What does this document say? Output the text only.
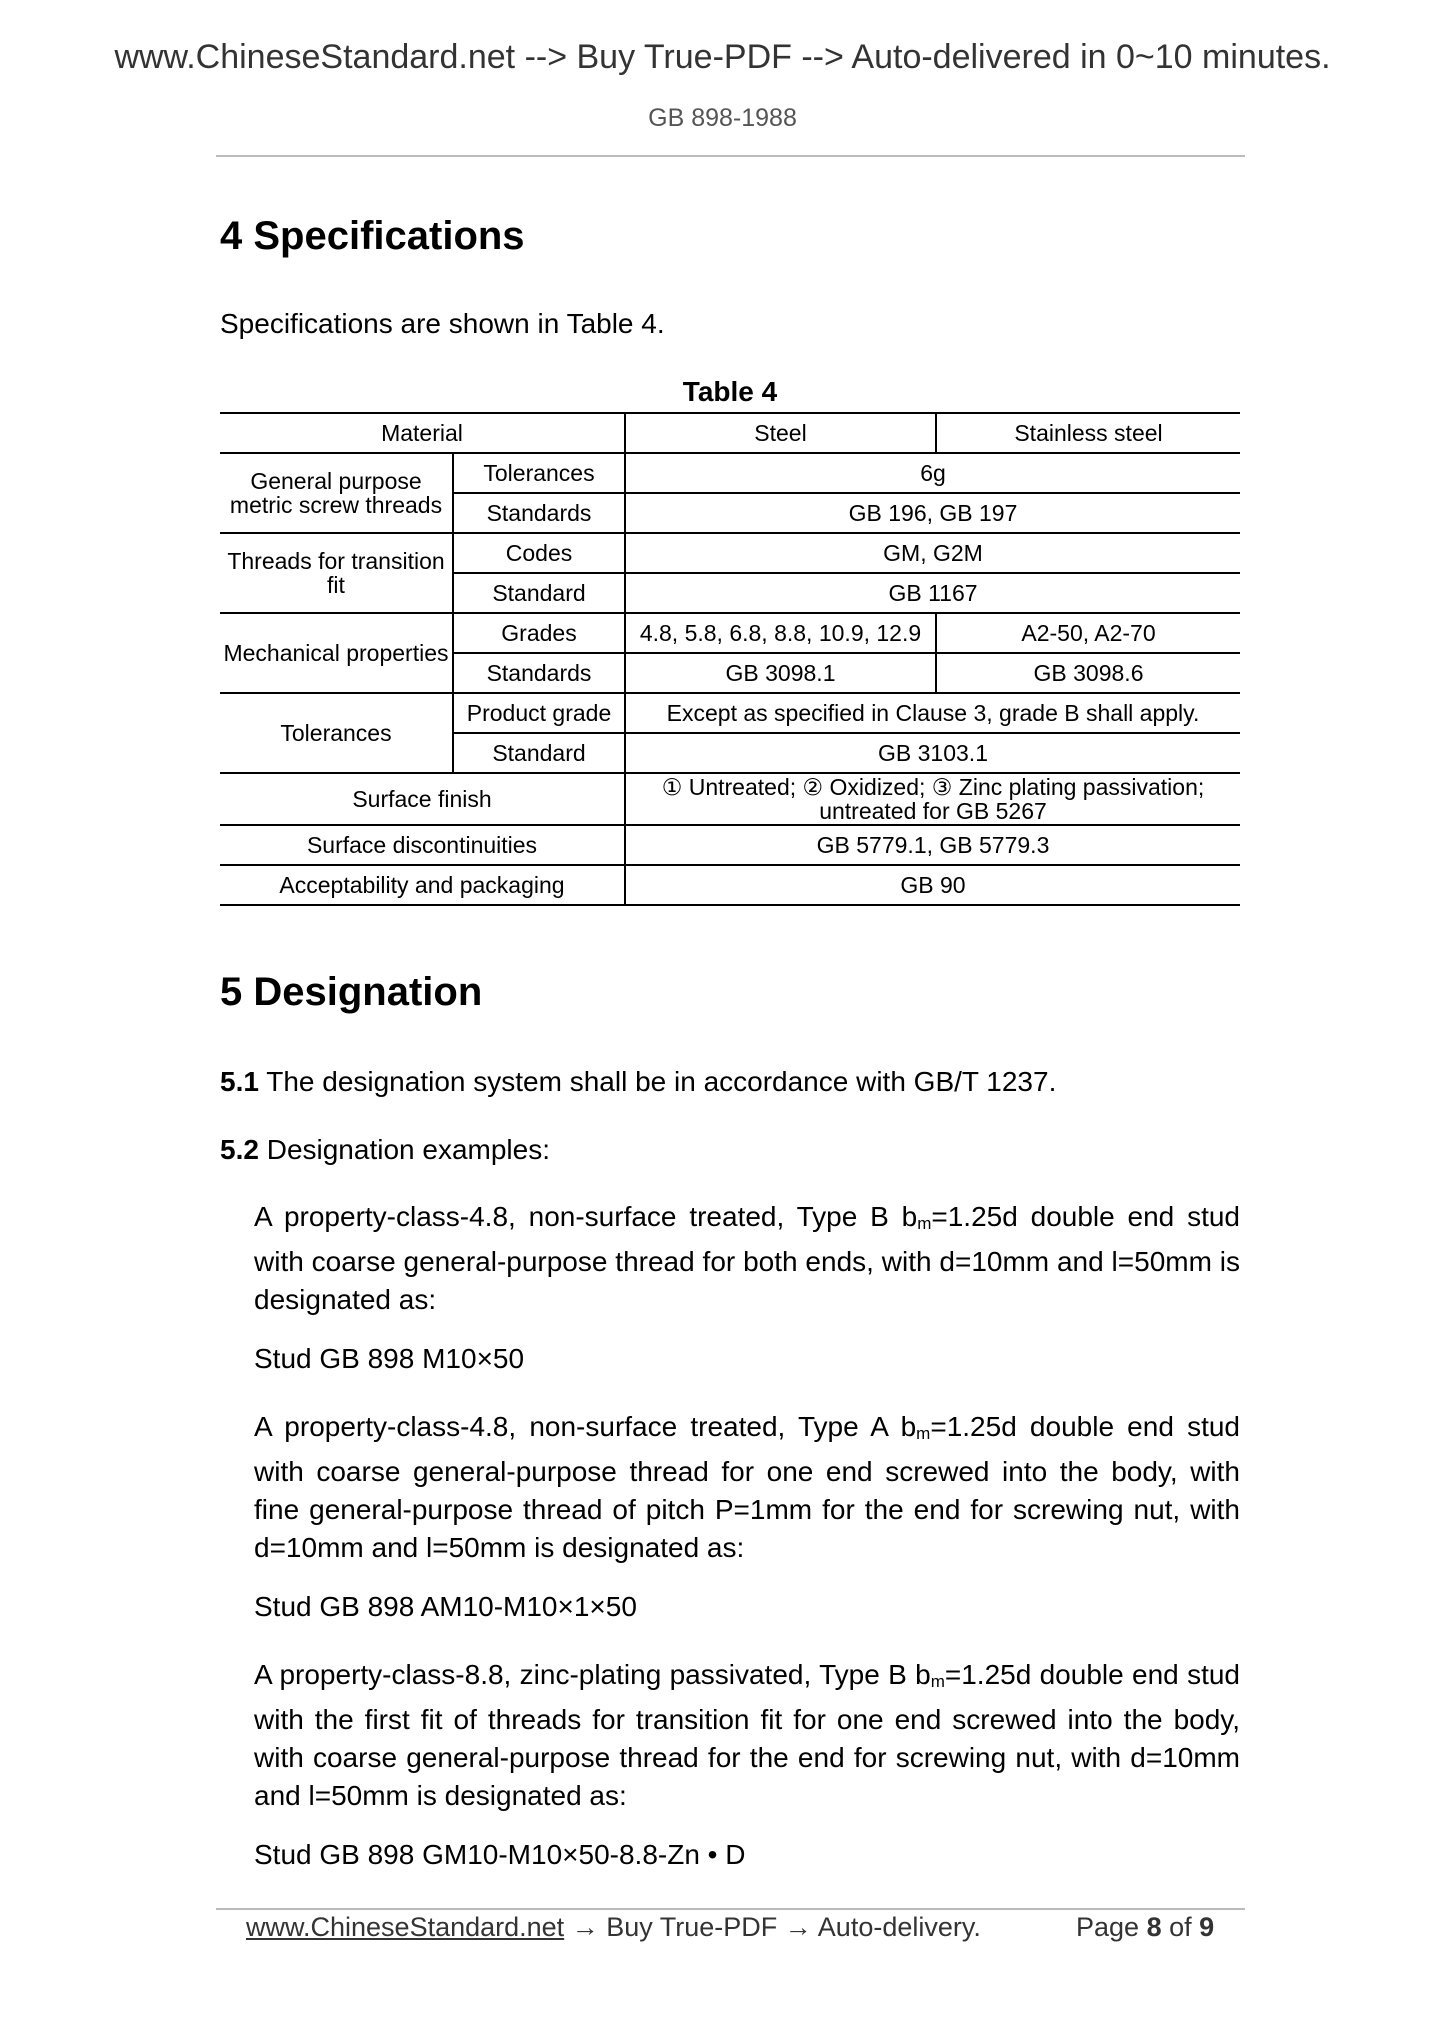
www.ChineseStandard.net --> Buy True-PDF --> Auto-delivered in 0~10 minutes.
GB 898-1988
4 Specifications
Specifications are shown in Table 4.
Table 4
Material		Steel	Stainless steel
General purpose metric screw threads	Tolerances	6g	
	Standards	GB 196, GB 197	
Threads for transition fit	Codes	GM, G2M	
	Standard	GB 1167	
Mechanical properties	Grades	4.8, 5.8, 6.8, 8.8, 10.9, 12.9	A2-50, A2-70
	Standards	GB 3098.1	GB 3098.6
Tolerances	Product grade	Except as specified in Clause 3, grade B shall apply.	
	Standard	GB 3103.1	
Surface finish		① Untreated; ② Oxidized; ③ Zinc plating passivation;
untreated for GB 5267	

Surface discontinuities		GB 5779.1, GB 5779.3	
Acceptability and packaging		GB 90	
5 Designation
5.1 The designation system shall be in accordance with GB/T 1237.
5.2 Designation examples:
A property-class-4.8, non-surface treated, Type B $b_m=1.25d$ double end stud with coarse general-purpose thread for both ends, with d=10mm and l=50mm is designated as:
Stud GB 898 M10×50
A property-class-4.8, non-surface treated, Type A $b_m=1.25d$ double end stud with coarse general-purpose thread for one end screwed into the body, with fine general-purpose thread of pitch P=1mm for the end for screwing nut, with d=10mm and l=50mm is designated as:
Stud GB 898 AM10-M10×1×50
A property-class-8.8, zinc-plating passivated, Type B $b_m=1.25d$ double end stud with the first fit of threads for transition fit for one end screwed into the body, with coarse general-purpose thread for the end for screwing nut, with d=10mm and l=50mm is designated as:
Stud GB 898 GM10-M10×50-8.8-Zn • D
www.ChineseStandard.net → Buy True-PDF → Auto-delivery.	Page 8 of 9
